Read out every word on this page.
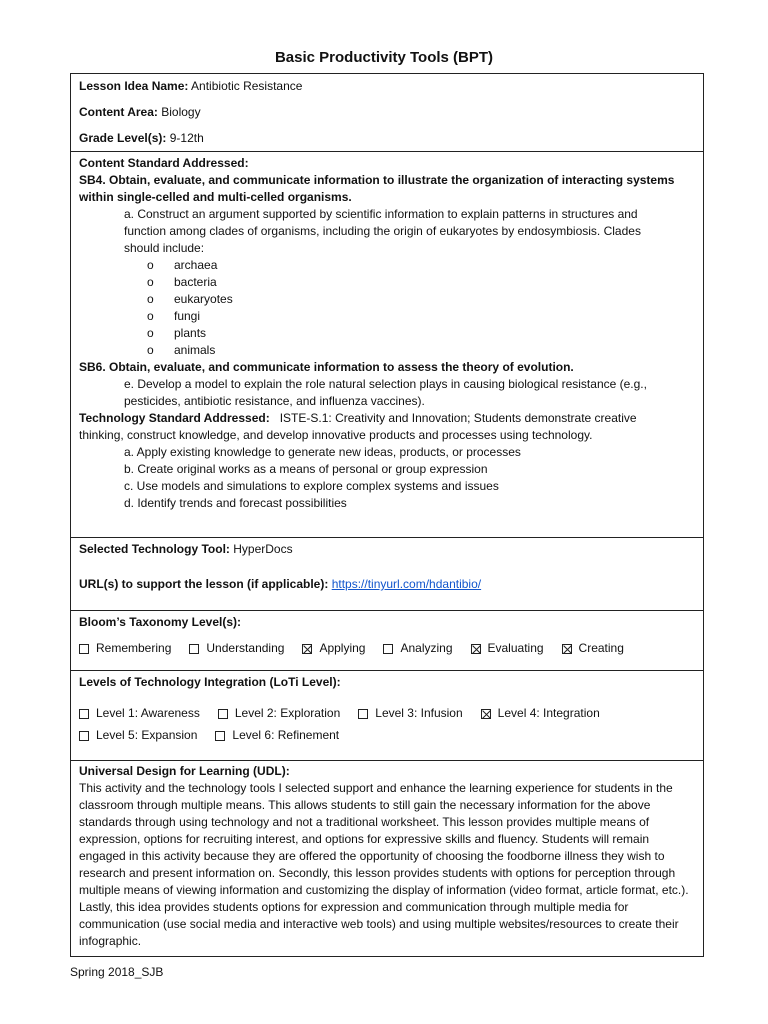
Basic Productivity Tools (BPT)
Lesson Idea Name: Antibiotic Resistance
Content Area: Biology
Grade Level(s): 9-12th
Content Standard Addressed:
SB4. Obtain, evaluate, and communicate information to illustrate the organization of interacting systems
within single-celled and multi-celled organisms.
a. Construct an argument supported by scientific information to explain patterns in structures and
function among clades of organisms, including the origin of eukaryotes by endosymbiosis. Clades
should include:
o	archaea
o	bacteria
o	eukaryotes
o	fungi
o	plants
o	animals
SB6. Obtain, evaluate, and communicate information to assess the theory of evolution.
e. Develop a model to explain the role natural selection plays in causing biological resistance (e.g.,
pesticides, antibiotic resistance, and influenza vaccines).
Technology Standard Addressed: ISTE-S.1: Creativity and Innovation; Students demonstrate creative
thinking, construct knowledge, and develop innovative products and processes using technology.
a. Apply existing knowledge to generate new ideas, products, or processes
b. Create original works as a means of personal or group expression
c. Use models and simulations to explore complex systems and issues
d. Identify trends and forecast possibilities
Selected Technology Tool: HyperDocs
URL(s) to support the lesson (if applicable): https://tinyurl.com/hdantibio/
Bloom’s Taxonomy Level(s):
Remembering	Understanding	Applying	Analyzing	Evaluating	Creating
Levels of Technology Integration (LoTi Level):
Level 1: Awareness	Level 2: Exploration	Level 3: Infusion	Level 4: Integration
Level 5: Expansion	Level 6: Refinement
Universal Design for Learning (UDL):
This activity and the technology tools I selected support and enhance the learning experience for students in the classroom through multiple means. This allows students to still gain the necessary information for the above standards through using technology and not a traditional worksheet. This lesson provides multiple means of expression, options for recruiting interest, and options for expressive skills and fluency. Students will remain engaged in this activity because they are offered the opportunity of choosing the foodborne illness they wish to research and present information on. Secondly, this lesson provides students with options for perception through multiple means of viewing information and customizing the display of information (video format, article format, etc.). Lastly, this idea provides students options for expression and communication through multiple media for communication (use social media and interactive web tools) and using multiple websites/resources to create their infographic.
Spring 2018_SJB
